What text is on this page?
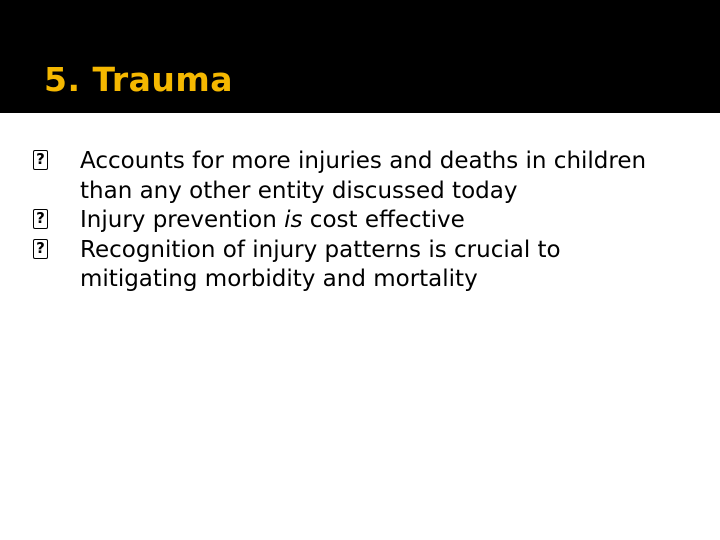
5. Trauma
?
Accounts for more injuries and deaths in children than any other entity discussed today
?
Injury prevention is cost effective
?
Recognition of injury patterns is crucial to mitigating morbidity and mortality
